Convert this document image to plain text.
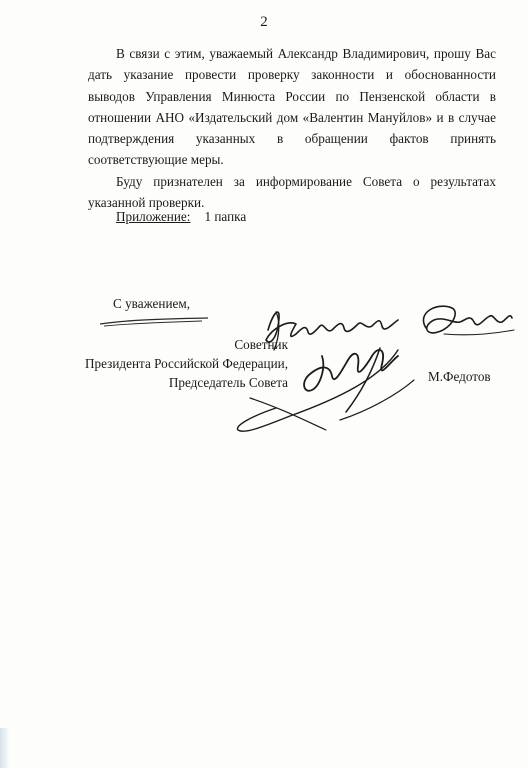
2

В связи с этим, уважаемый Александр Владимирович, прошу Вас дать указание провести проверку законности и обоснованности выводов Управления Минюста России по Пензенской области в отношении АНО «Издательский дом «Валентин Мануйлов» и в случае подтверждения указанных в обращении фактов принять соответствующие меры.

Буду признателен за информирование Совета о результатах указанной проверки.

Приложение: 1 папка
С уважением,
Советник
Президента Российской Федерации,
Председатель Совета	М.Федотов
